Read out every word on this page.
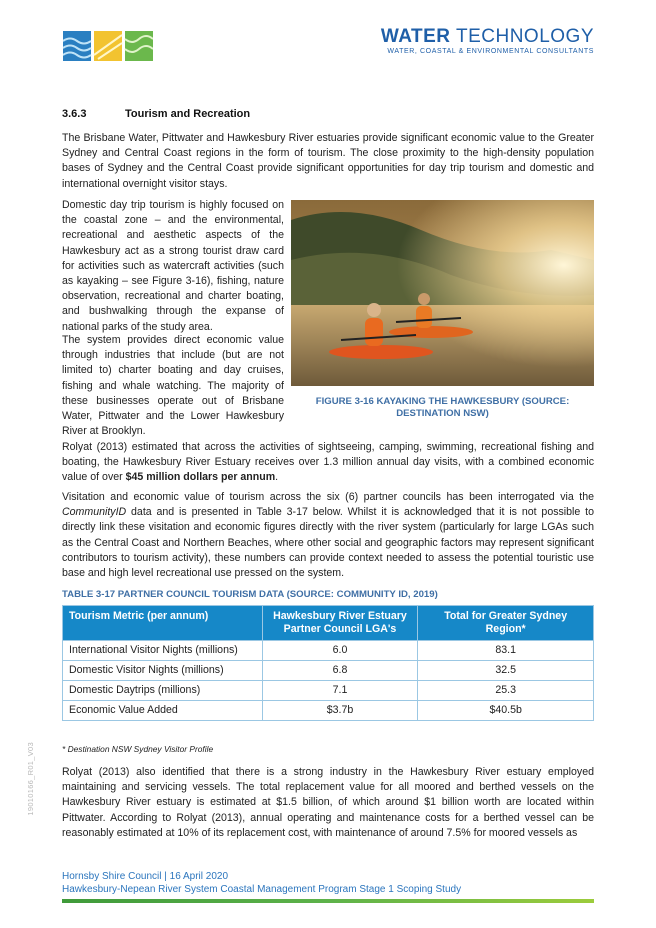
WATER TECHNOLOGY
WATER, COASTAL & ENVIRONMENTAL CONSULTANTS
3.6.3	Tourism and Recreation

The Brisbane Water, Pittwater and Hawkesbury River estuaries provide significant economic value to the Greater Sydney and Central Coast regions in the form of tourism. The close proximity to the high-density population bases of Sydney and the Central Coast provide significant opportunities for day trip tourism and domestic and international overnight visitor stays.

Domestic day trip tourism is highly focused on the coastal zone – and the environmental, recreational and aesthetic aspects of the Hawkesbury act as a strong tourist draw card for activities such as watercraft activities (such as kayaking – see Figure 3-16), fishing, nature observation, recreational and charter boating, and bushwalking through the expanse of national parks of the study area.

The system provides direct economic value through industries that include (but are not limited to) charter boating and day cruises, fishing and whale watching. The majority of these businesses operate out of Brisbane Water, Pittwater and the Lower Hawkesbury River at Brooklyn.

FIGURE 3-16 KAYAKING THE HAWKESBURY (SOURCE:
DESTINATION NSW)

Rolyat (2013) estimated that across the activities of sightseeing, camping, swimming, recreational fishing and boating, the Hawkesbury River Estuary receives over 1.3 million annual day visits, with a combined economic value of over $45 million dollars per annum.

Visitation and economic value of tourism across the six (6) partner councils has been interrogated via the CommunityID data and is presented in Table 3-17 below. Whilst it is acknowledged that it is not possible to directly link these visitation and economic figures directly with the river system (particularly for large LGAs such as the Central Coast and Northern Beaches, where other social and geographic factors may represent significant contributors to tourism activity), these numbers can provide context needed to assess the potential touristic use base and high level recreational use pressed on the system.

TABLE 3-17 PARTNER COUNCIL TOURISM DATA (SOURCE: COMMUNITY ID, 2019)
Tourism Metric (per annum)	Hawkesbury River Estuary Partner Council LGA's	Total for Greater Sydney Region*
International Visitor Nights (millions)	6.0	83.1
Domestic Visitor Nights (millions)	6.8	32.5
Domestic Daytrips (millions)	7.1	25.3
Economic Value Added	$3.7b	$40.5b
* Destination NSW Sydney Visitor Profile
19010166_R01_V03	Rolyat (2013) also identified that there is a strong industry in the Hawkesbury River estuary employed maintaining and servicing vessels. The total replacement value for all moored and berthed vessels on the Hawkesbury River estuary is estimated at $1.5 billion, of which around $1 billion worth are located within Pittwater. According to Rolyat (2013), annual operating and maintenance costs for a berthed vessel can be reasonably estimated at 10% of its replacement cost, with maintenance of around 7.5% for moored vessels as

Hornsby Shire Council | 16 April 2020
Hawkesbury-Nepean River System Coastal Management Program Stage 1 Scoping Study
